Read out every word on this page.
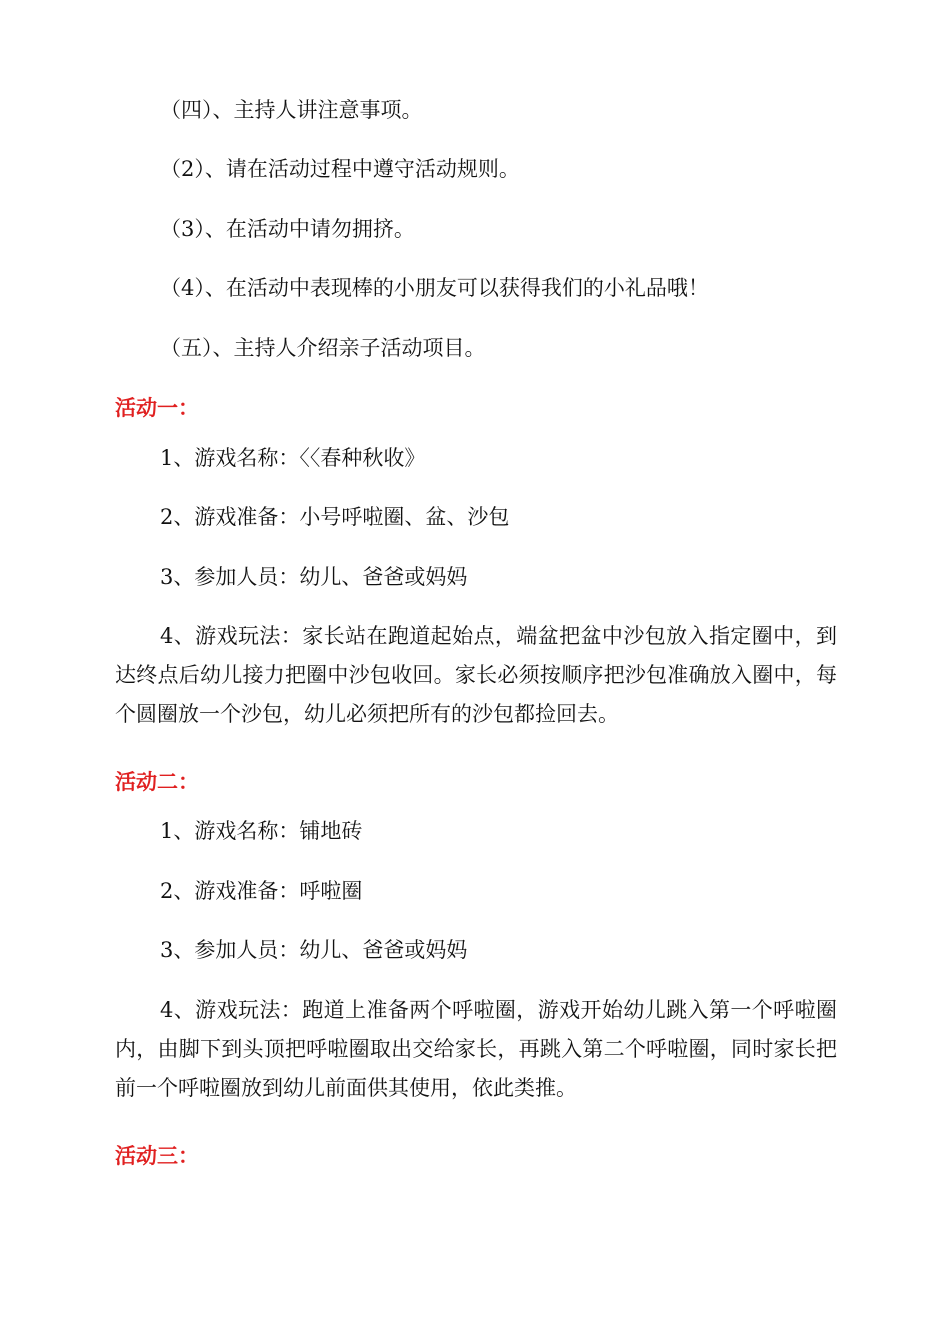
（四）、主持人讲注意事项。
（2）、请在活动过程中遵守活动规则。
（3）、在活动中请勿拥挤。
（4）、在活动中表现棒的小朋友可以获得我们的小礼品哦！
（五）、主持人介绍亲子活动项目。
活动一：
1、游戏名称：〈〈春种秋收》
2、游戏准备：小号呼啦圈、盆、沙包
3、参加人员：幼儿、爸爸或妈妈
4、游戏玩法：家长站在跑道起始点，端盆把盆中沙包放入指定圈中，到达终点后幼儿接力把圈中沙包收回。家长必须按顺序把沙包准确放入圈中，每个圆圈放一个沙包，幼儿必须把所有的沙包都捡回去。
活动二：
1、游戏名称：铺地砖
2、游戏准备：呼啦圈
3、参加人员：幼儿、爸爸或妈妈
4、游戏玩法：跑道上准备两个呼啦圈，游戏开始幼儿跳入第一个呼啦圈内，由脚下到头顶把呼啦圈取出交给家长，再跳入第二个呼啦圈，同时家长把前一个呼啦圈放到幼儿前面供其使用，依此类推。
活动三：
